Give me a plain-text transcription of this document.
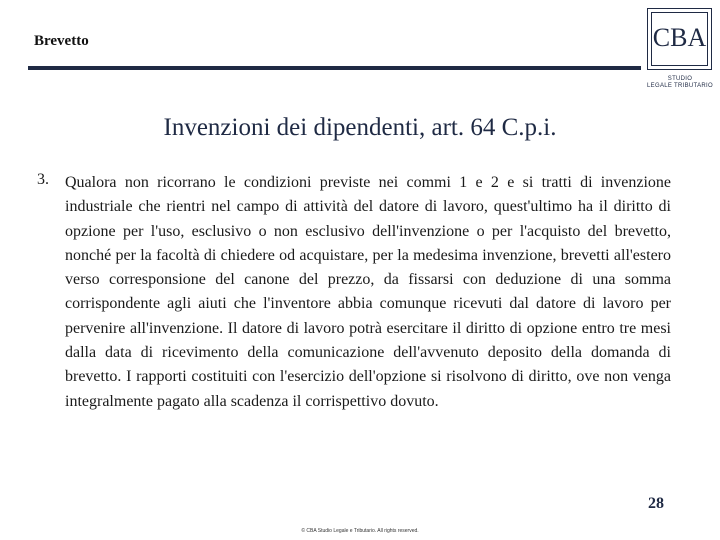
Brevetto	CBA
STUDIO
LEGALE TRIBUTARIO
Invenzioni dei dipendenti, art. 64 C.p.i.
3. Qualora non ricorrano le condizioni previste nei commi 1 e 2 e si tratti di invenzione industriale che rientri nel campo di attività del datore di lavoro, quest'ultimo ha il diritto di opzione per l'uso, esclusivo o non esclusivo dell'invenzione o per l'acquisto del brevetto, nonché per la facoltà di chiedere od acquistare, per la medesima invenzione, brevetti all'estero verso corresponsione del canone del prezzo, da fissarsi con deduzione di una somma corrispondente agli aiuti che l'inventore abbia comunque ricevuti dal datore di lavoro per pervenire all'invenzione. Il datore di lavoro potrà esercitare il diritto di opzione entro tre mesi dalla data di ricevimento della comunicazione dell'avvenuto deposito della domanda di brevetto. I rapporti costituiti con l'esercizio dell'opzione si risolvono di diritto, ove non venga integralmente pagato alla scadenza il corrispettivo dovuto.
28
© CBA Studio Legale e Tributario. All rights reserved.
